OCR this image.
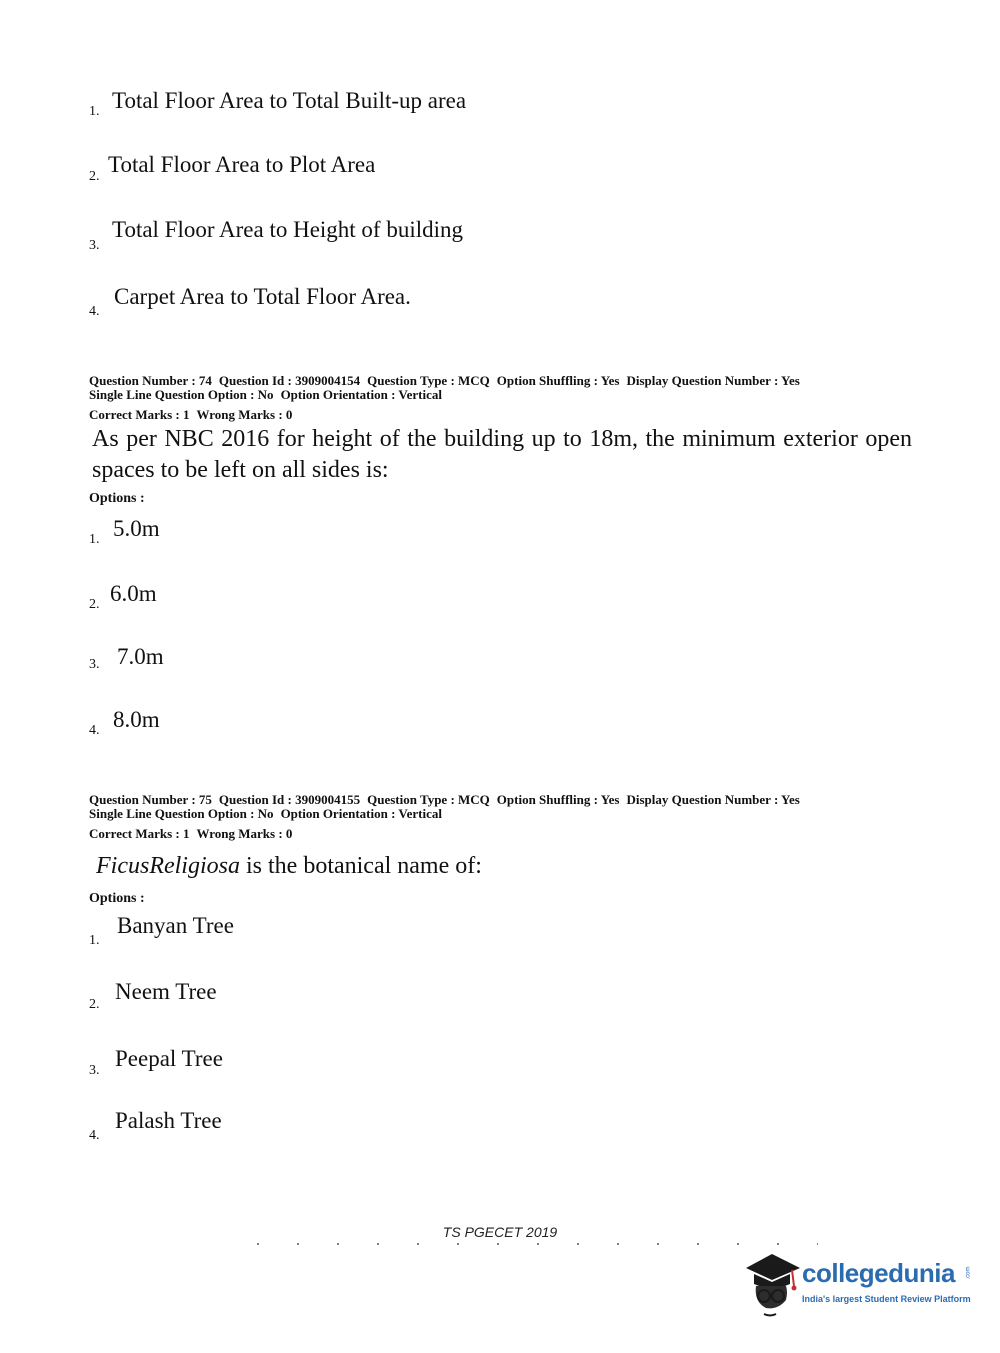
1. Total Floor Area to Total Built-up area
2. Total Floor Area to Plot Area
3.
Total Floor Area to Height of building
4.
Carpet Area to Total Floor Area.
Question Number : 74 Question Id : 3909004154 Question Type : MCQ Option Shuffling : Yes Display Question Number : Yes
Single Line Question Option : No Option Orientation : Vertical
Correct Marks : 1 Wrong Marks : 0
As per NBC 2016 for height of the building up to 18m, the minimum exterior open spaces to be left on all sides is:
Options :
1. 5.0m
2. 6.0m
3. 7.0m
4. 8.0m
Question Number : 75 Question Id : 3909004155 Question Type : MCQ Option Shuffling : Yes Display Question Number : Yes
Single Line Question Option : No Option Orientation : Vertical
Correct Marks : 1 Wrong Marks : 0
FicusReligiosa is the botanical name of:
Options :
1.
Banyan Tree
2.
Neem Tree
3. Peepal Tree
4.
Palash Tree
TS PGECET 2019
collegedunia .com
India's largest Student Review Platform
